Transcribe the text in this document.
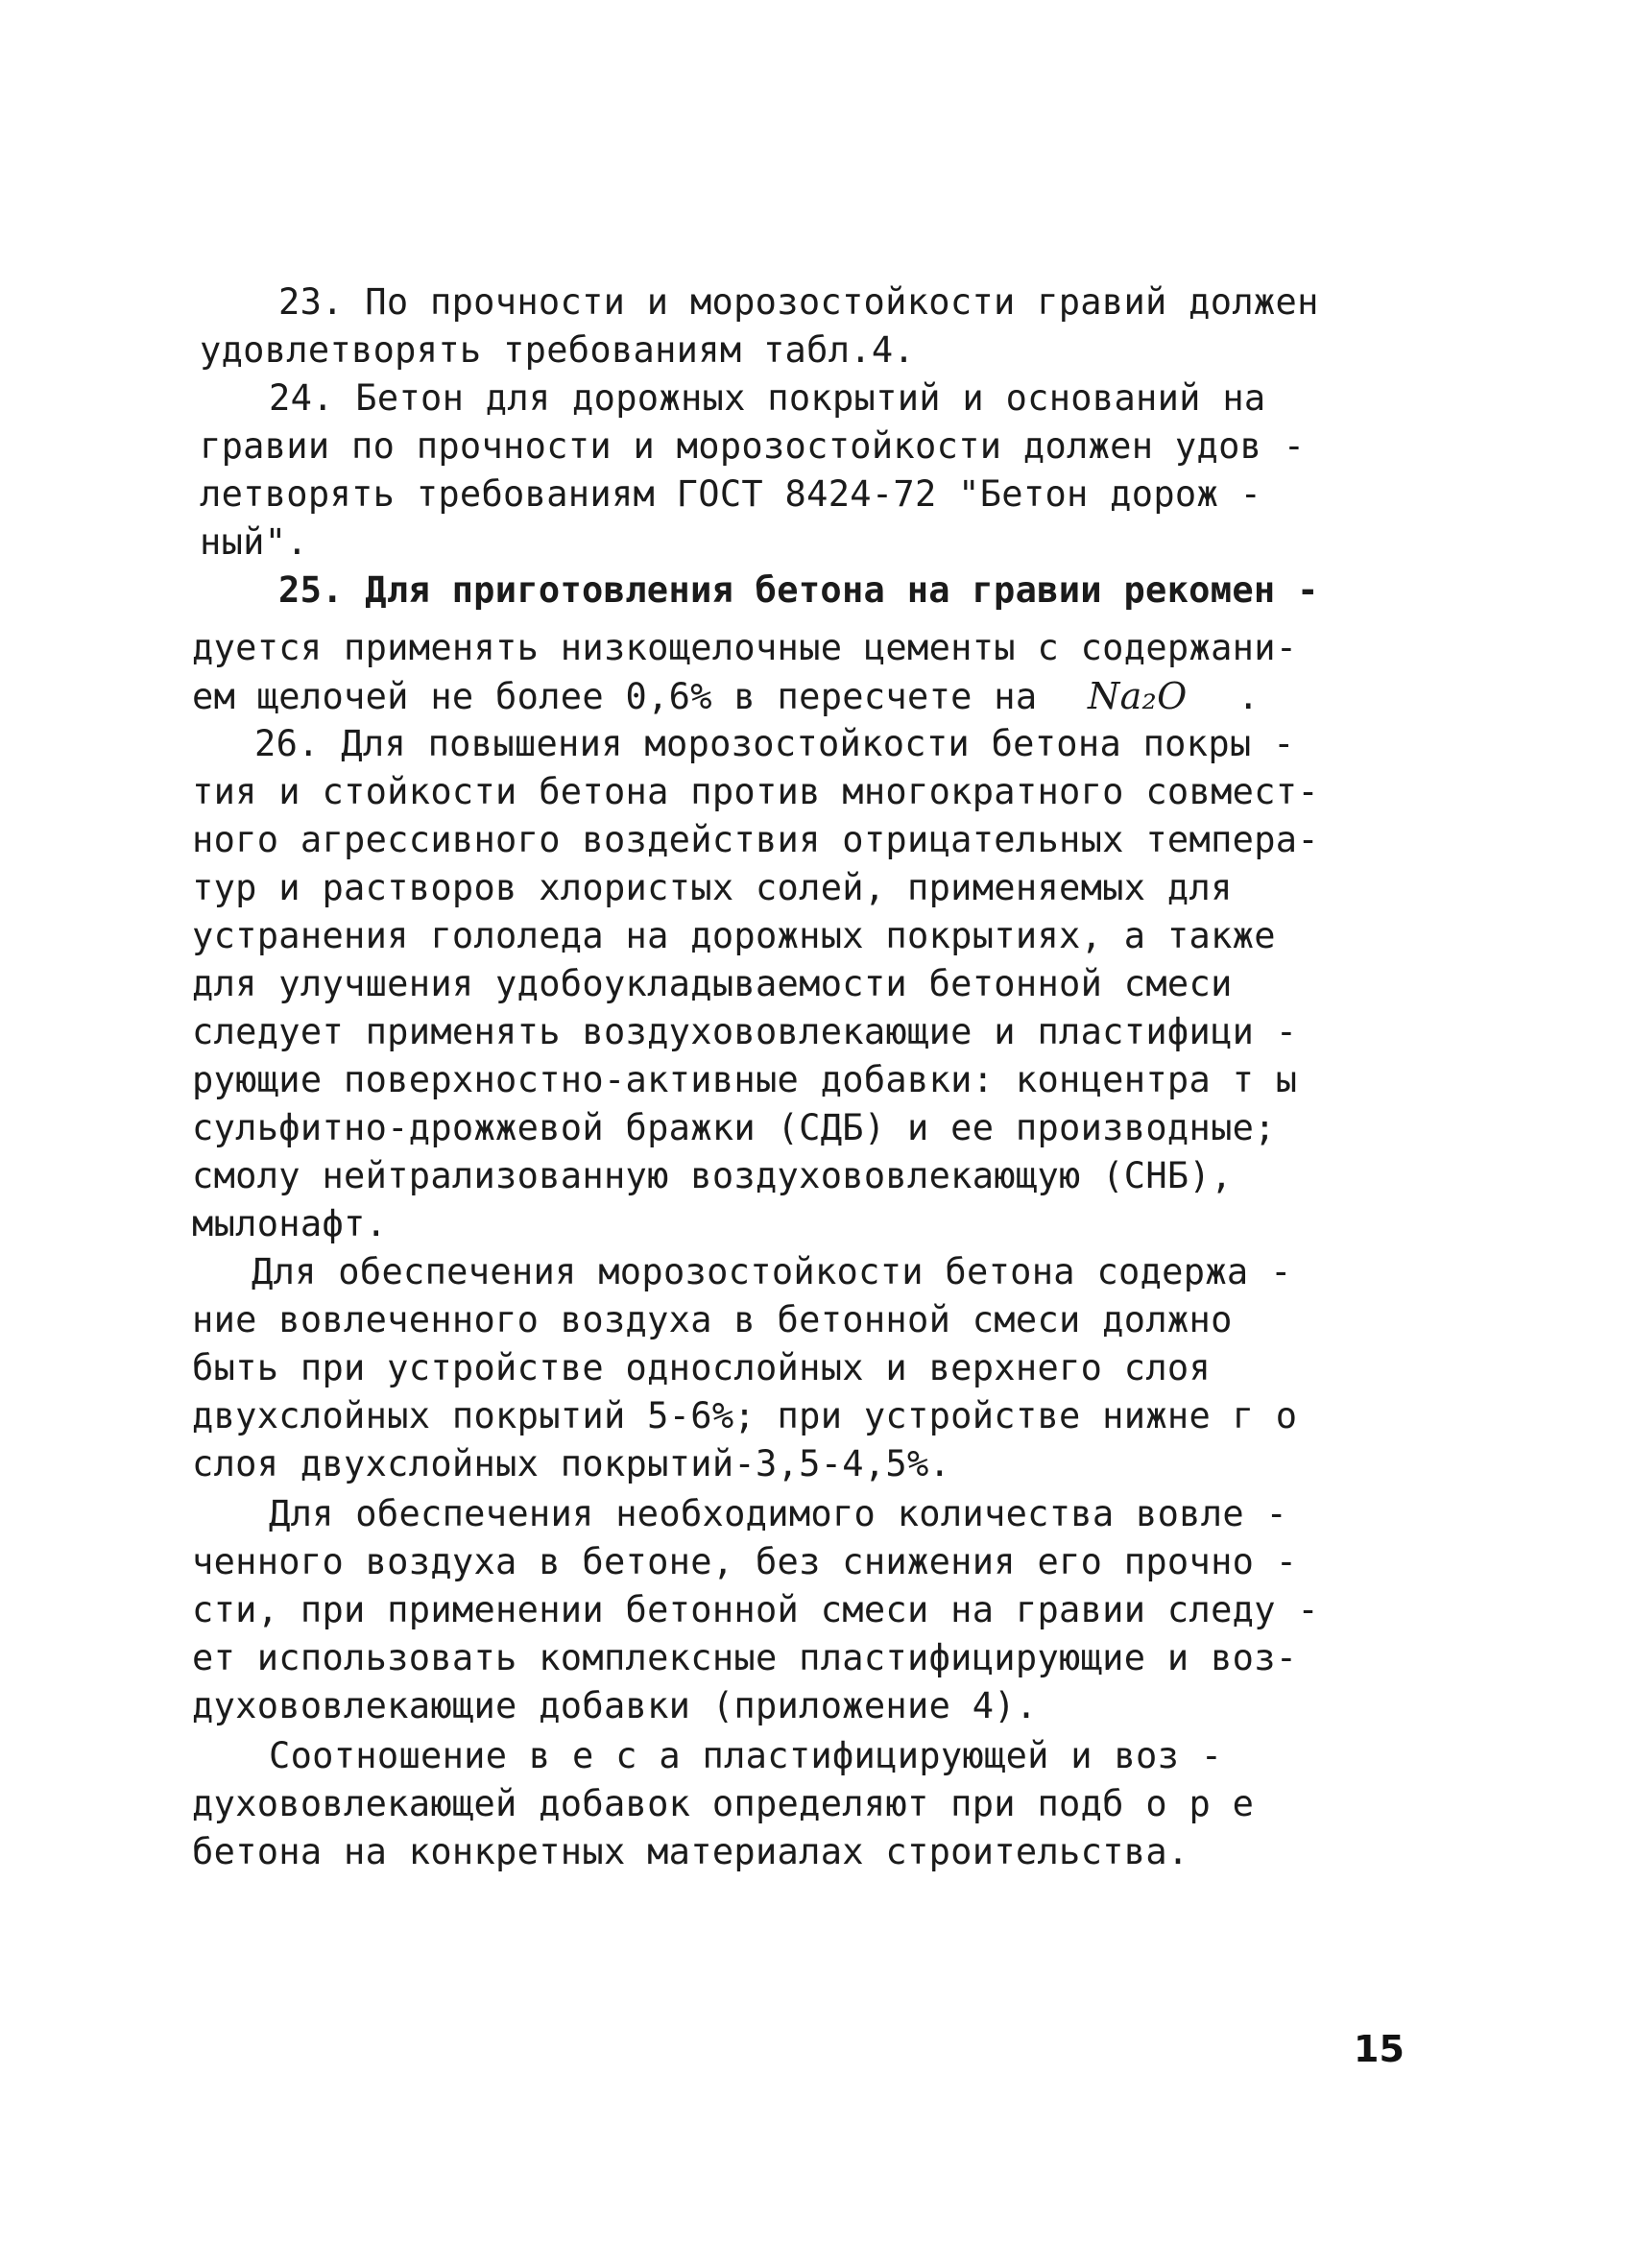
23. По прочности и морозостойкости гравий должен
удовлетворять требованиям табл.4.
24. Бетон для дорожных покрытий и оснований на
гравии по прочности и морозостойкости должен удов -
летворять требованиям ГОСТ 8424-72 "Бетон дорож -
ный".
25. Для приготовления бетона на гравии рекомен -
дуется применять низкощелочные цементы с содержани-
ем щелочей не более 0,6% в пересчете на Na₂O .
26. Для повышения морозостойкости бетона покры -
тия и стойкости бетона против многократного совмест-
ного агрессивного воздействия отрицательных темпера-
тур и растворов хлористых солей, применяемых для
устранения гололеда на дорожных покрытиях, а также
для улучшения удобоукладываемости бетонной смеси
следует применять воздухововлекающие и пластифици -
рующие поверхностно-активные добавки: концентра т ы
сульфитно-дрожжевой бражки (СДБ) и ее производные;
смолу нейтрализованную воздухововлекающую (СНБ),
мылонафт.
Для обеспечения морозостойкости бетона содержа -
ние вовлеченного воздуха в бетонной смеси должно
быть при устройстве однослойных и верхнего слоя
двухслойных покрытий 5-6%; при устройстве нижне г о
слоя двухслойных покрытий-3,5-4,5%.
Для обеспечения необходимого количества вовле -
ченного воздуха в бетоне, без снижения его прочно -
сти, при применении бетонной смеси на гравии следу -
ет использовать комплексные пластифицирующие и воз-
духововлекающие добавки (приложение 4).
Соотношение в е с а пластифицирующей и воз -
духововлекающей добавок определяют при подб о р е
бетона на конкретных материалах строительства.
15
